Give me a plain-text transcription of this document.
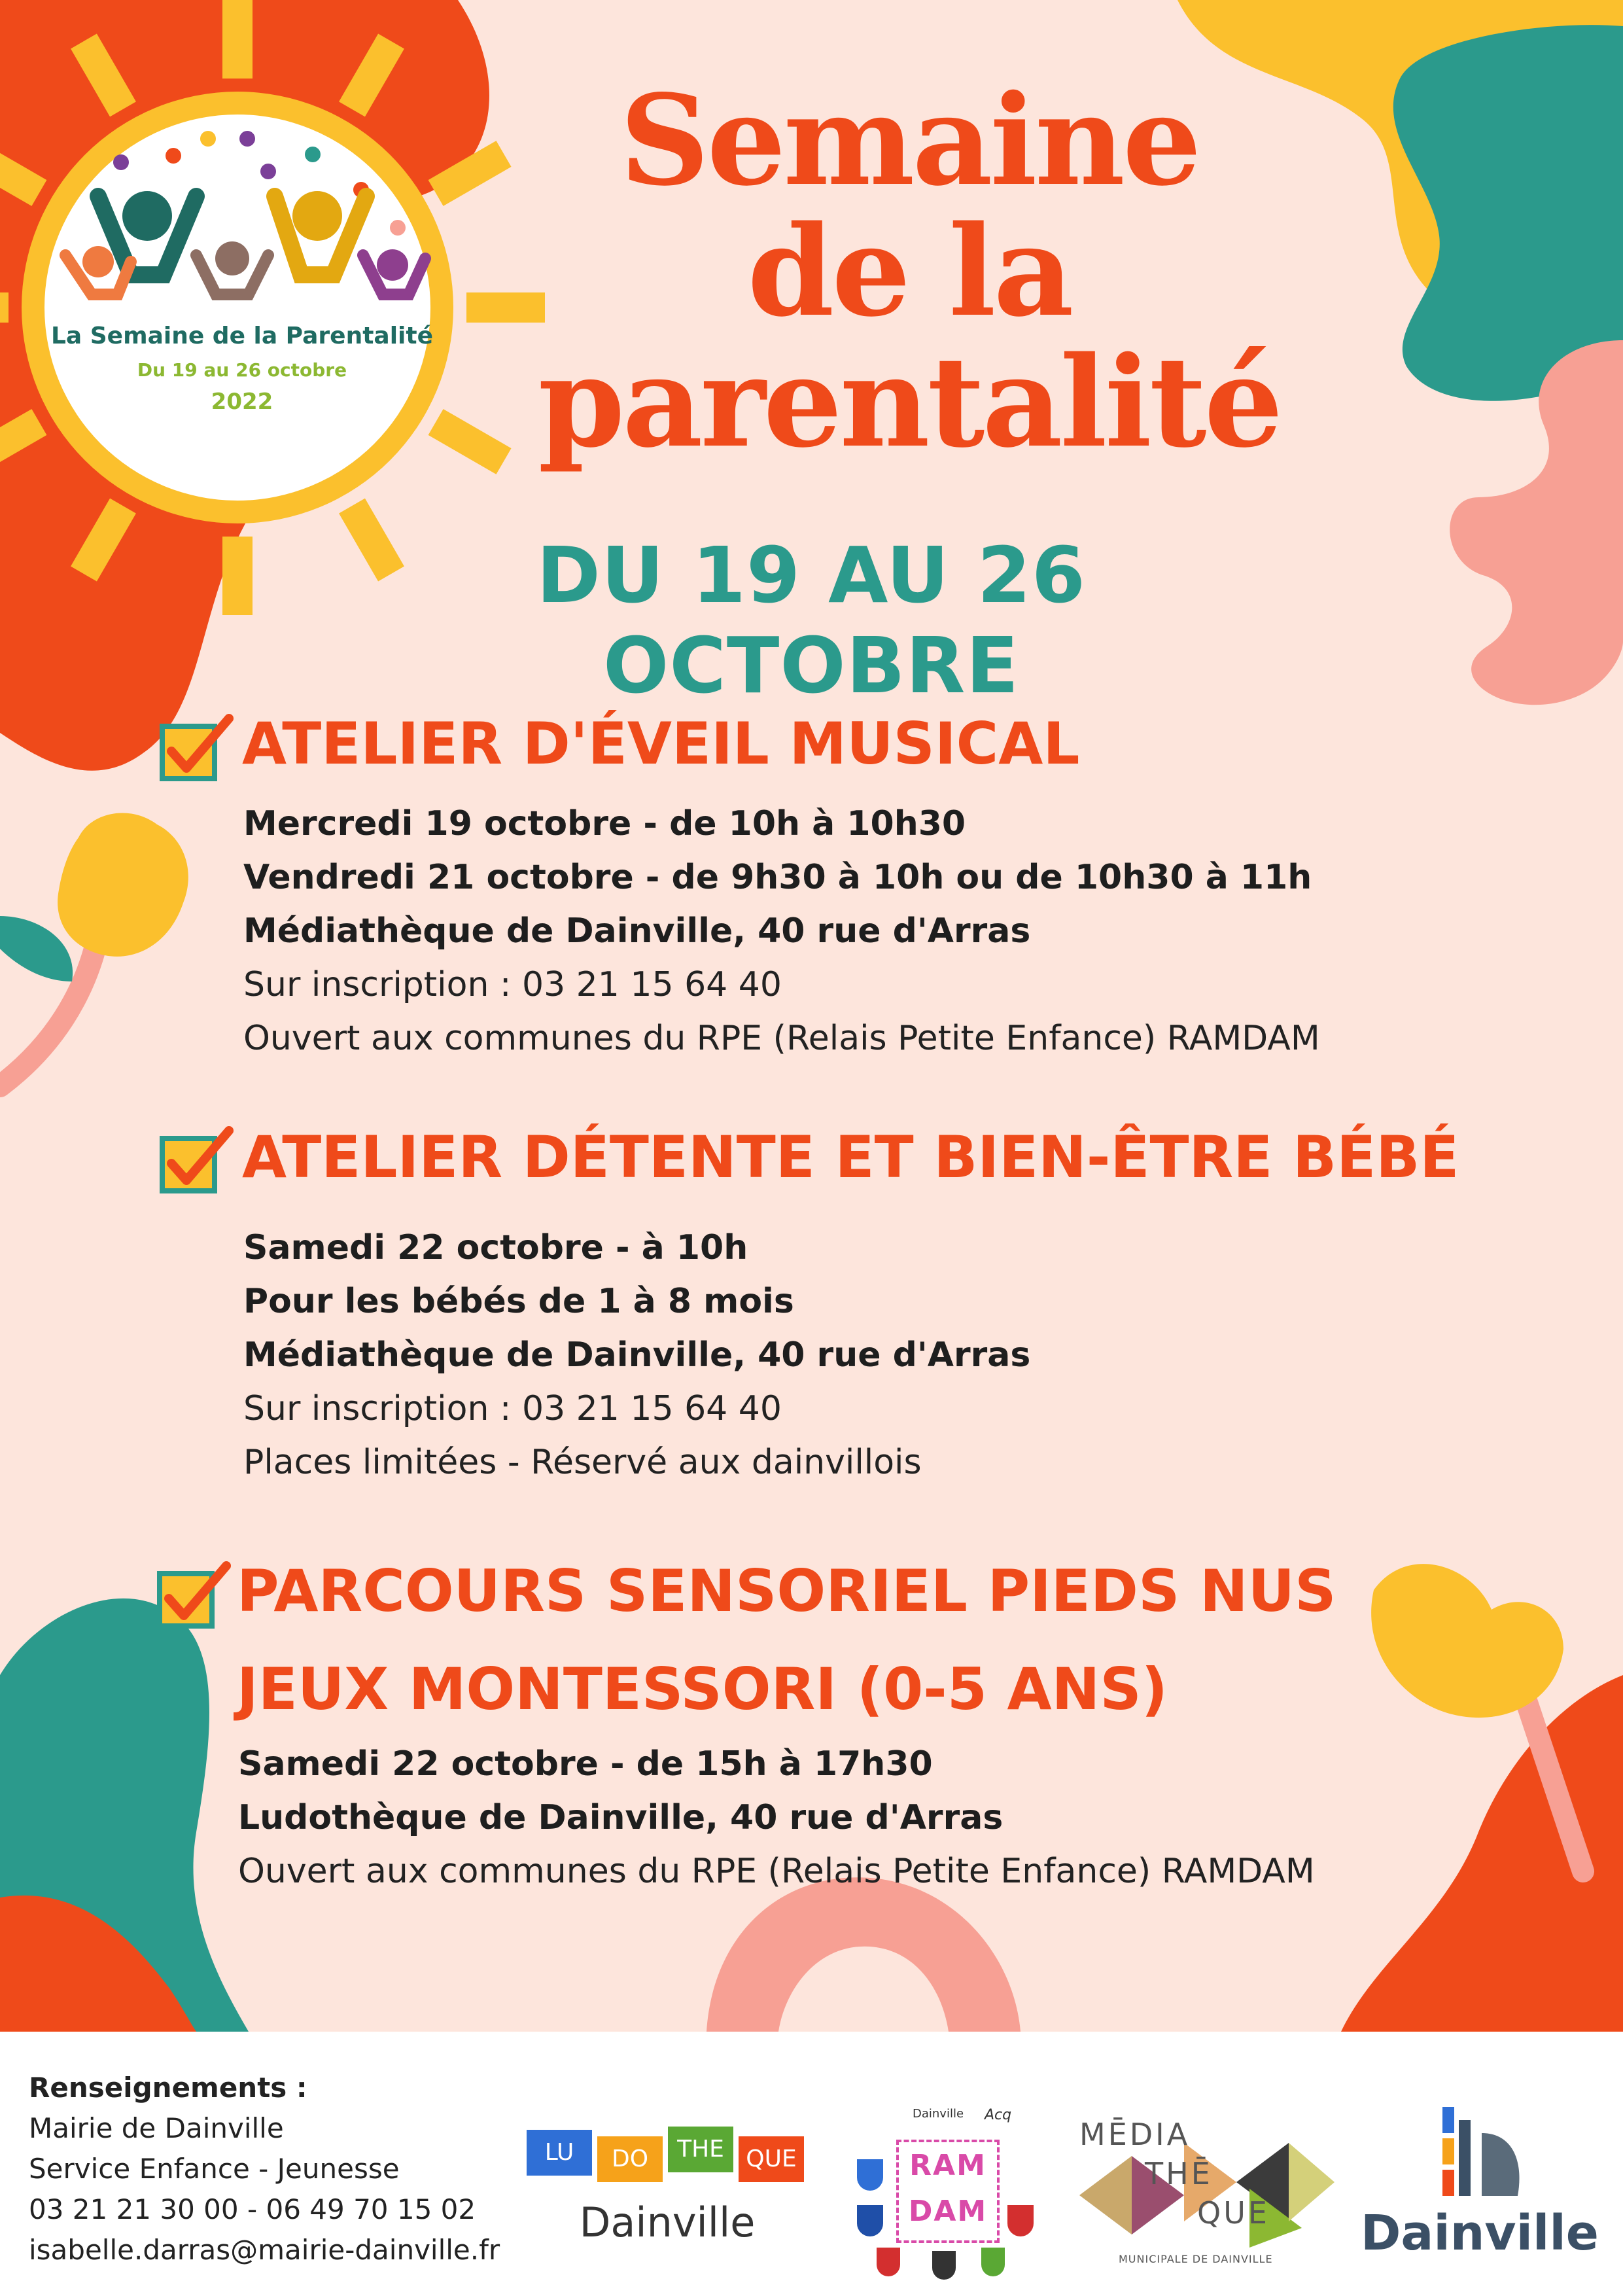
La Semaine de la Parentalité
Du 19 au 26 octobre
2022
Semaine
de la
parentalité
DU 19 AU 26 OCTOBRE
ATELIER D'ÉVEIL MUSICAL
Mercredi 19 octobre - de 10h à 10h30
Vendredi 21 octobre - de 9h30 à 10h ou de 10h30 à 11h
Médiathèque de Dainville, 40 rue d'Arras
Sur inscription : 03 21 15 64 40
Ouvert aux communes du RPE (Relais Petite Enfance) RAMDAM
ATELIER DÉTENTE ET BIEN-ÊTRE BÉBÉ
Samedi 22 octobre - à 10h
Pour les bébés de 1 à 8 mois
Médiathèque de Dainville, 40 rue d'Arras
Sur inscription : 03 21 15 64 40
Places limitées - Réservé aux dainvillois
PARCOURS SENSORIEL PIEDS NUS
JEUX MONTESSORI (0-5 ANS)
Samedi 22 octobre - de 15h à 17h30
Ludothèque de Dainville, 40 rue d'Arras
Ouvert aux communes du RPE (Relais Petite Enfance) RAMDAM
Renseignements :
Mairie de Dainville
Service Enfance - Jeunesse
03 21 21 30 00 - 06 49 70 15 02
isabelle.darras@mairie-dainville.fr
LU	DO	THE QUE
Dainville
Dainville Acq
RAM
DAM
MĒDIA
THĒ
QUE
MUNICIPALE DE DAINVILLE Dainville
